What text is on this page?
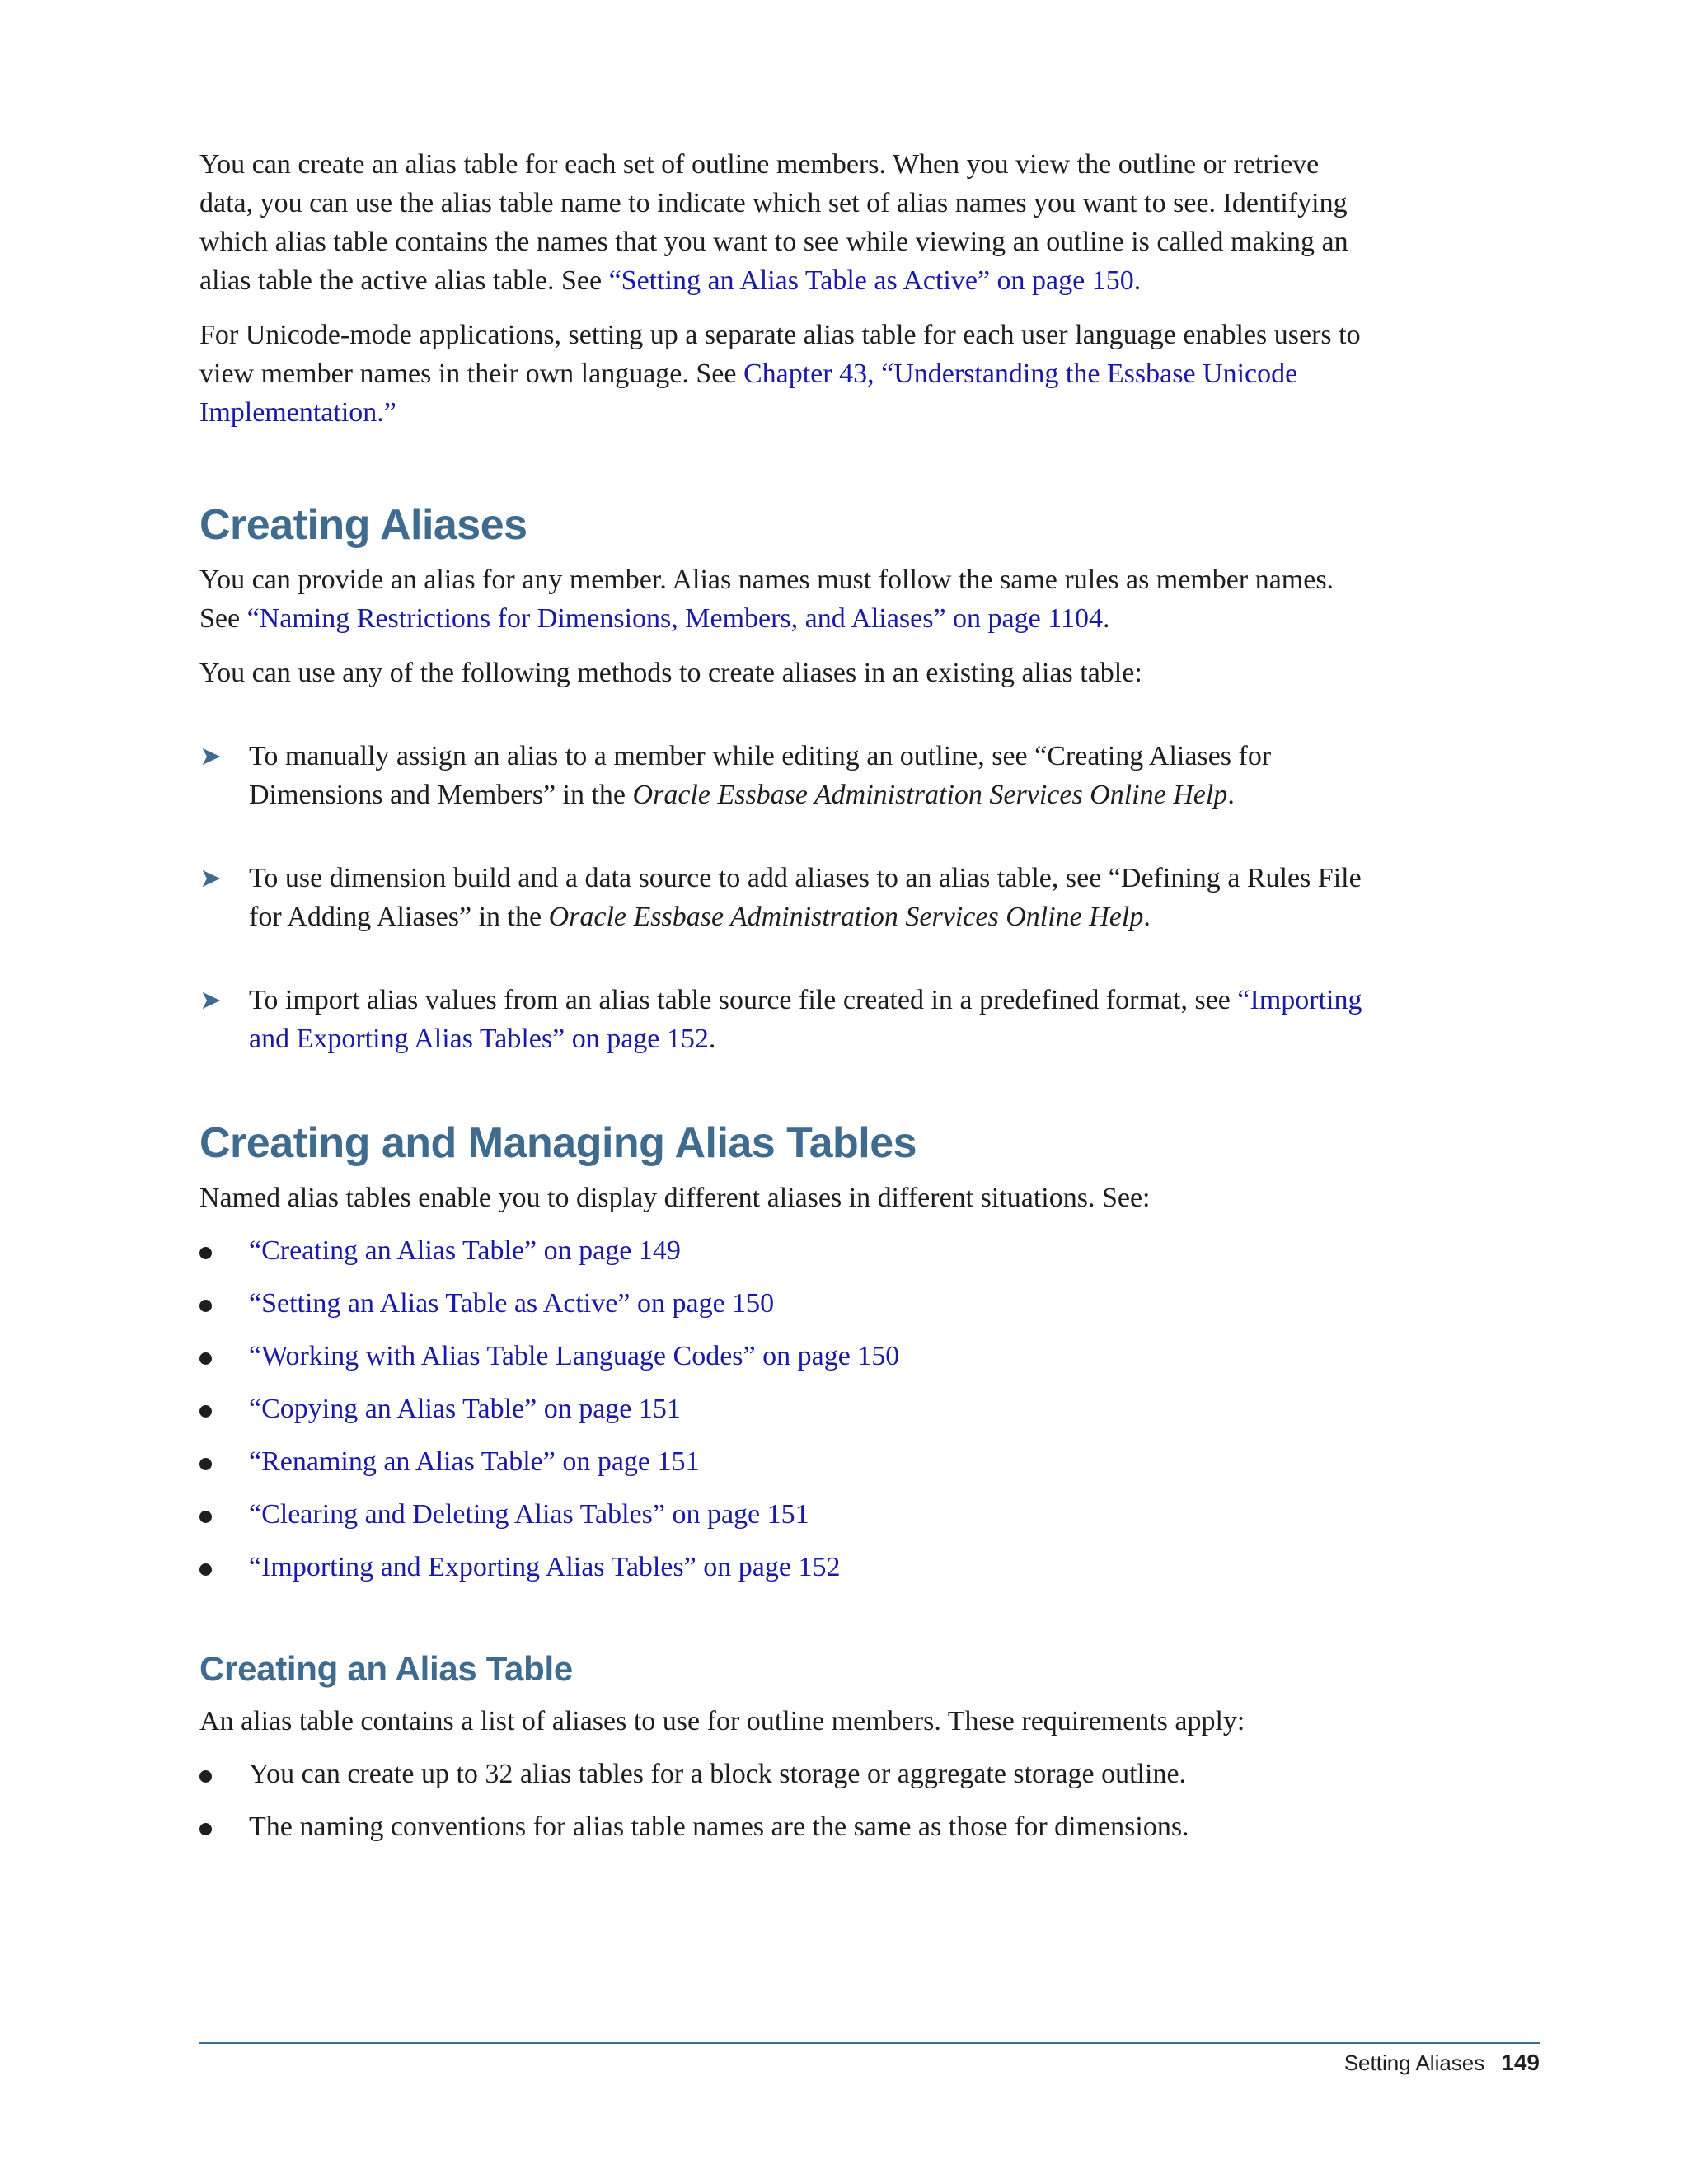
You can create an alias table for each set of outline members. When you view the outline or retrieve data, you can use the alias table name to indicate which set of alias names you want to see. Identifying which alias table contains the names that you want to see while viewing an outline is called making an alias table the active alias table. See “Setting an Alias Table as Active” on page 150.

For Unicode-mode applications, setting up a separate alias table for each user language enables users to view member names in their own language. See Chapter 43, “Understanding the Essbase Unicode Implementation.”

Creating Aliases

You can provide an alias for any member. Alias names must follow the same rules as member names. See “Naming Restrictions for Dimensions, Members, and Aliases” on page 1104.

You can use any of the following methods to create aliases in an existing alias table:

➤ To manually assign an alias to a member while editing an outline, see “Creating Aliases for Dimensions and Members” in the Oracle Essbase Administration Services Online Help.
➤ To use dimension build and a data source to add aliases to an alias table, see “Defining a Rules File for Adding Aliases” in the Oracle Essbase Administration Services Online Help.
➤ To import alias values from an alias table source file created in a predefined format, see “Importing and Exporting Alias Tables” on page 152.
Creating and Managing Alias Tables

Named alias tables enable you to display different aliases in different situations. See:

“Creating an Alias Table” on page 149
“Setting an Alias Table as Active” on page 150
“Working with Alias Table Language Codes” on page 150
“Copying an Alias Table” on page 151
“Renaming an Alias Table” on page 151
“Clearing and Deleting Alias Tables” on page 151
“Importing and Exporting Alias Tables” on page 152
Creating an Alias Table

An alias table contains a list of aliases to use for outline members. These requirements apply:

You can create up to 32 alias tables for a block storage or aggregate storage outline.
The naming conventions for alias table names are the same as those for dimensions.
Setting Aliases 149
